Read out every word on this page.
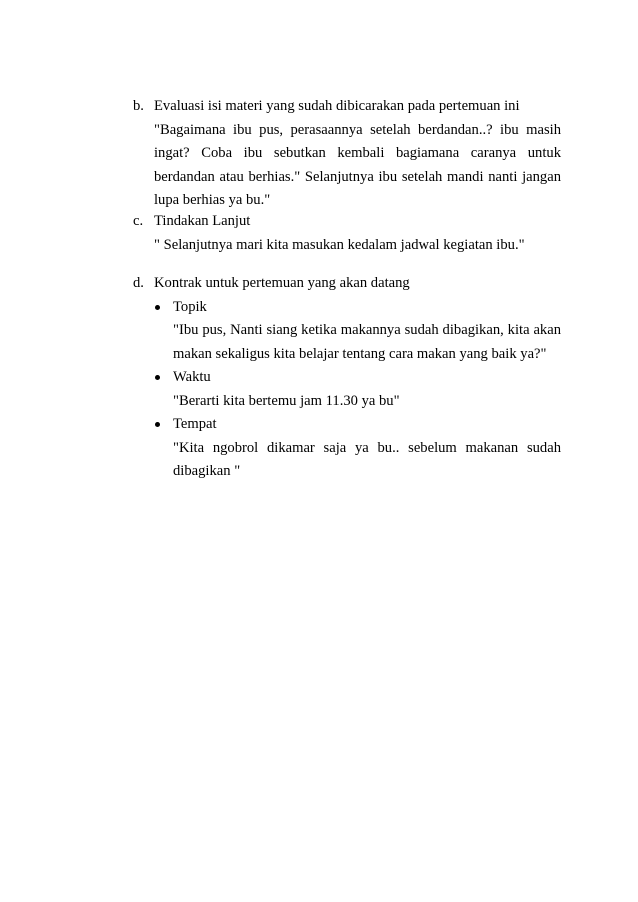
b. Evaluasi isi materi yang sudah dibicarakan pada pertemuan ini
"Bagaimana ibu pus, perasaannya setelah berdandan..? ibu masih ingat? Coba ibu sebutkan kembali bagiamana caranya untuk berdandan atau berhias." Selanjutnya ibu setelah mandi nanti jangan lupa berhias ya bu."
c. Tindakan Lanjut
" Selanjutnya mari kita masukan kedalam jadwal kegiatan ibu."
d. Kontrak untuk pertemuan yang akan datang
Topik
"Ibu pus, Nanti siang ketika makannya sudah dibagikan, kita akan makan sekaligus kita belajar tentang cara makan yang baik ya?"
Waktu
"Berarti kita bertemu jam 11.30 ya bu"
Tempat
"Kita ngobrol dikamar saja ya bu.. sebelum makanan sudah dibagikan "
